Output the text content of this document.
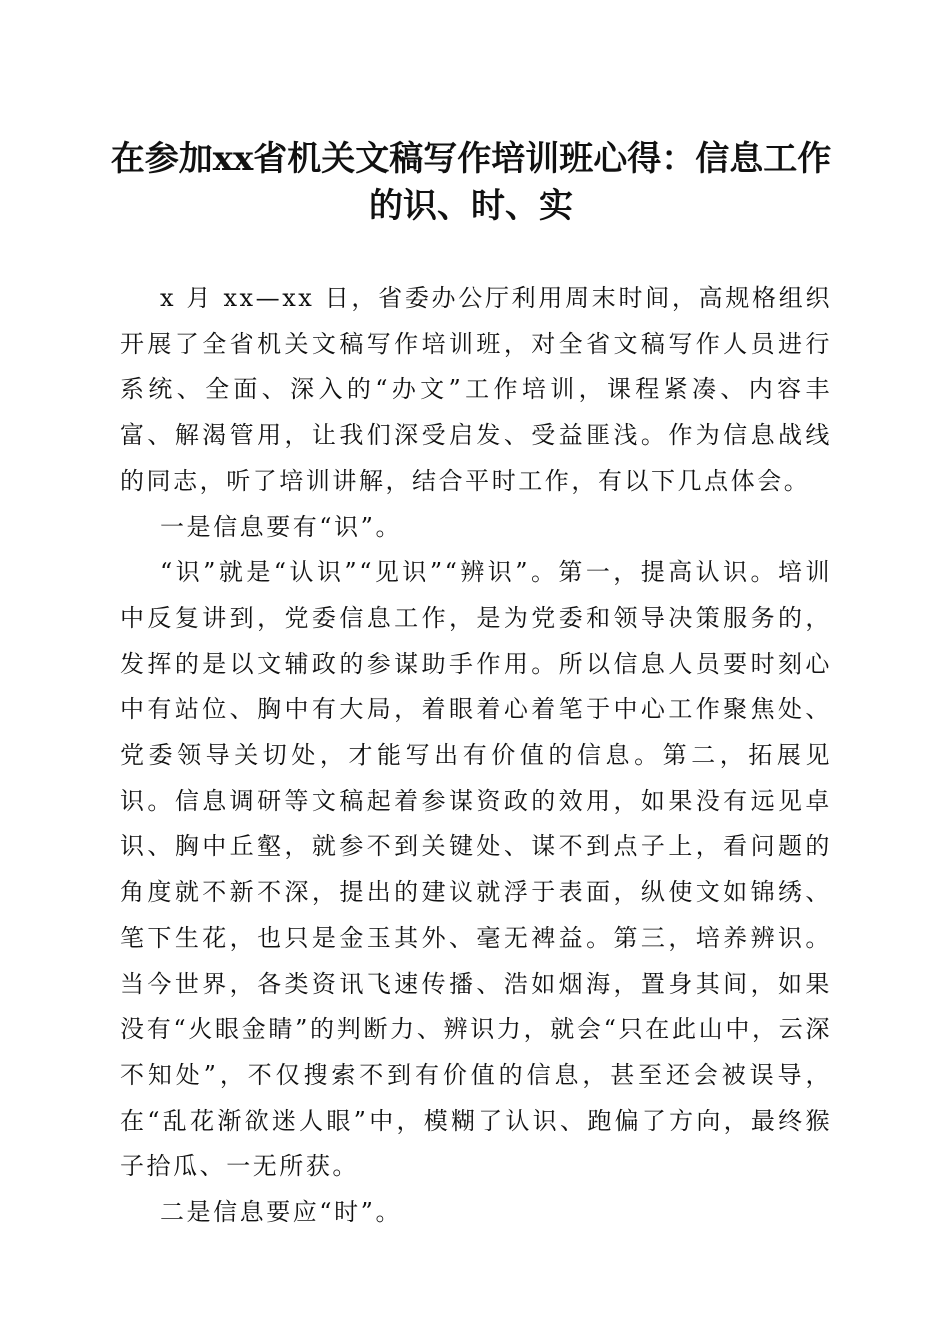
在参加xx省机关文稿写作培训班心得：信息工作的识、时、实

x 月 xx—xx 日，省委办公厅利用周末时间，高规格组织开展了全省机关文稿写作培训班，对全省文稿写作人员进行系统、全面、深入的“办文”工作培训，课程紧凑、内容丰富、解渴管用，让我们深受启发、受益匪浅。作为信息战线的同志，听了培训讲解，结合平时工作，有以下几点体会。

一是信息要有“识”。

“识”就是“认识”“见识”“辨识”。第一，提高认识。培训中反复讲到，党委信息工作，是为党委和领导决策服务的，发挥的是以文辅政的参谋助手作用。所以信息人员要时刻心中有站位、胸中有大局，着眼着心着笔于中心工作聚焦处、党委领导关切处，才能写出有价值的信息。第二，拓展见识。信息调研等文稿起着参谋资政的效用，如果没有远见卓识、胸中丘壑，就参不到关键处、谋不到点子上，看问题的角度就不新不深，提出的建议就浮于表面，纵使文如锦绣、笔下生花，也只是金玉其外、毫无裨益。第三，培养辨识。当今世界，各类资讯飞速传播、浩如烟海，置身其间，如果没有“火眼金睛”的判断力、辨识力，就会“只在此山中，云深不知处”，不仅搜索不到有价值的信息，甚至还会被误导，在“乱花渐欲迷人眼”中，模糊了认识、跑偏了方向，最终猴子拾瓜、一无所获。

二是信息要应“时”。
